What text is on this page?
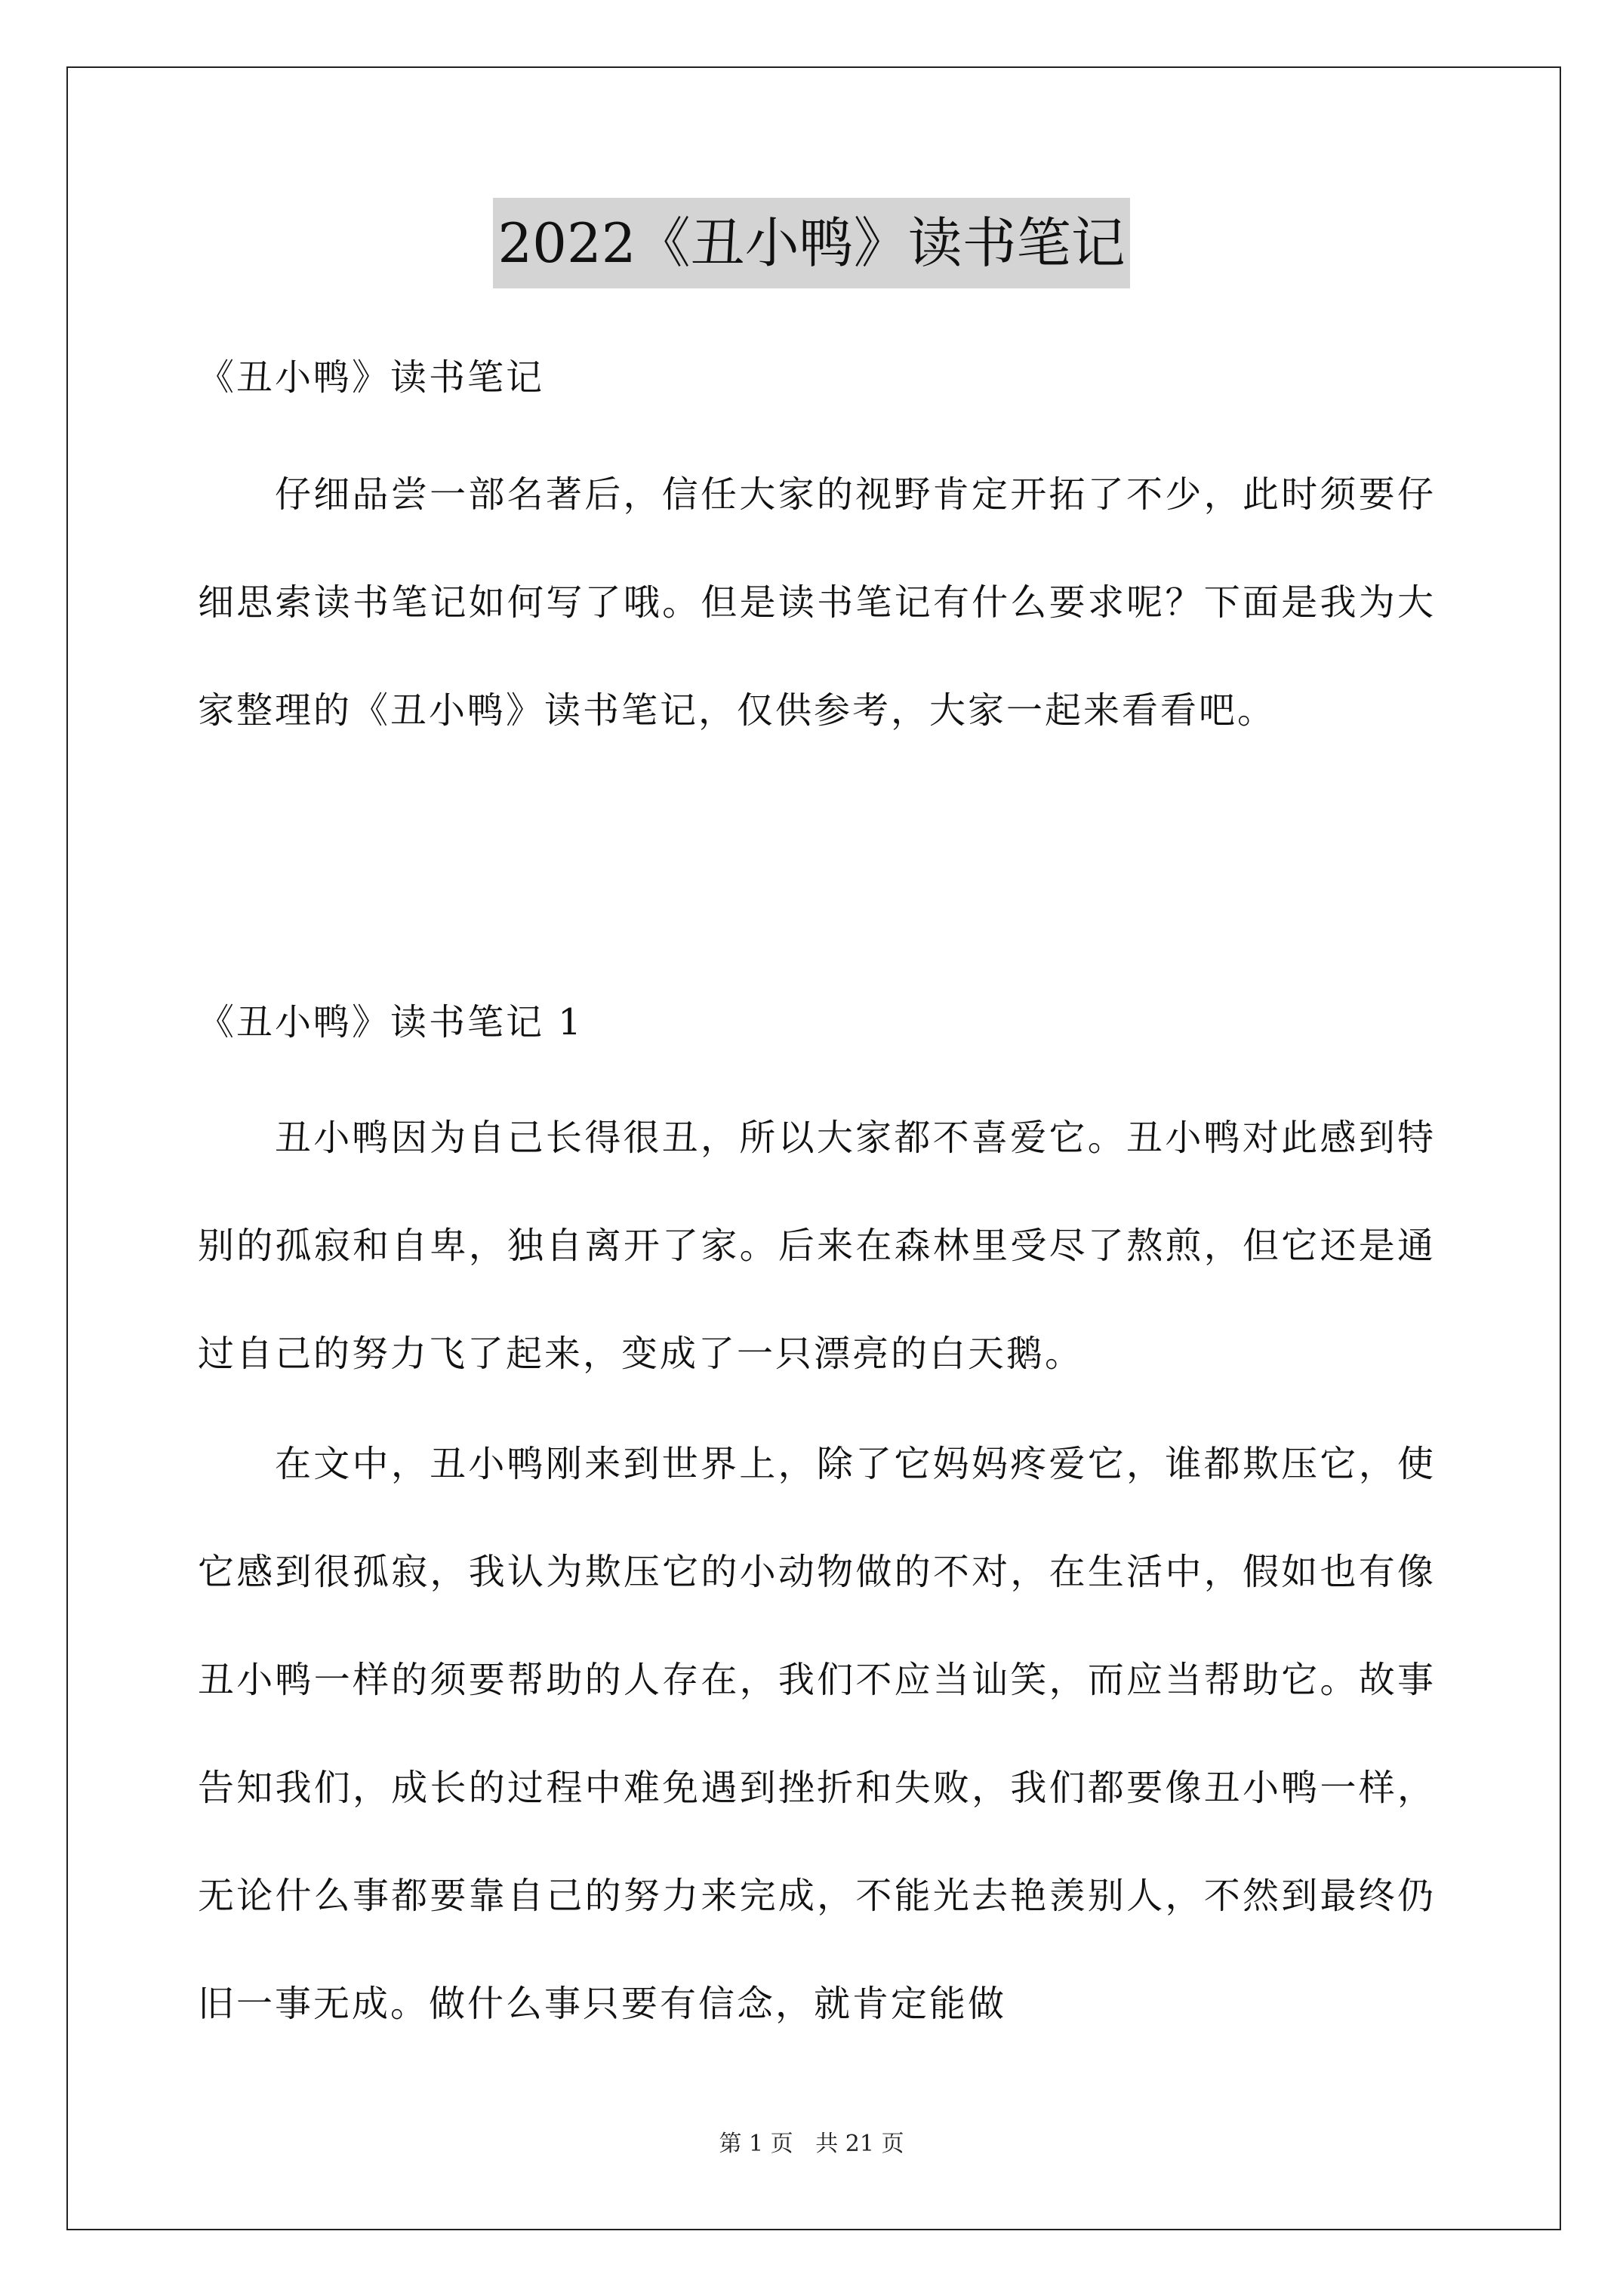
2022《丑小鸭》读书笔记
《丑小鸭》读书笔记

仔细品尝一部名著后，信任大家的视野肯定开拓了不少，此时须要仔细思索读书笔记如何写了哦。但是读书笔记有什么要求呢？下面是我为大家整理的《丑小鸭》读书笔记，仅供参考，大家一起来看看吧。

《丑小鸭》读书笔记 1

丑小鸭因为自己长得很丑，所以大家都不喜爱它。丑小鸭对此感到特别的孤寂和自卑，独自离开了家。后来在森林里受尽了熬煎，但它还是通过自己的努力飞了起来，变成了一只漂亮的白天鹅。

在文中，丑小鸭刚来到世界上，除了它妈妈疼爱它，谁都欺压它，使它感到很孤寂，我认为欺压它的小动物做的不对，在生活中，假如也有像丑小鸭一样的须要帮助的人存在，我们不应当讪笑，而应当帮助它。故事告知我们，成长的过程中难免遇到挫折和失败，我们都要像丑小鸭一样，无论什么事都要靠自己的努力来完成，不能光去艳羡别人，不然到最终仍旧一事无成。做什么事只要有信念，就肯定能做

第 1 页 共 21 页
